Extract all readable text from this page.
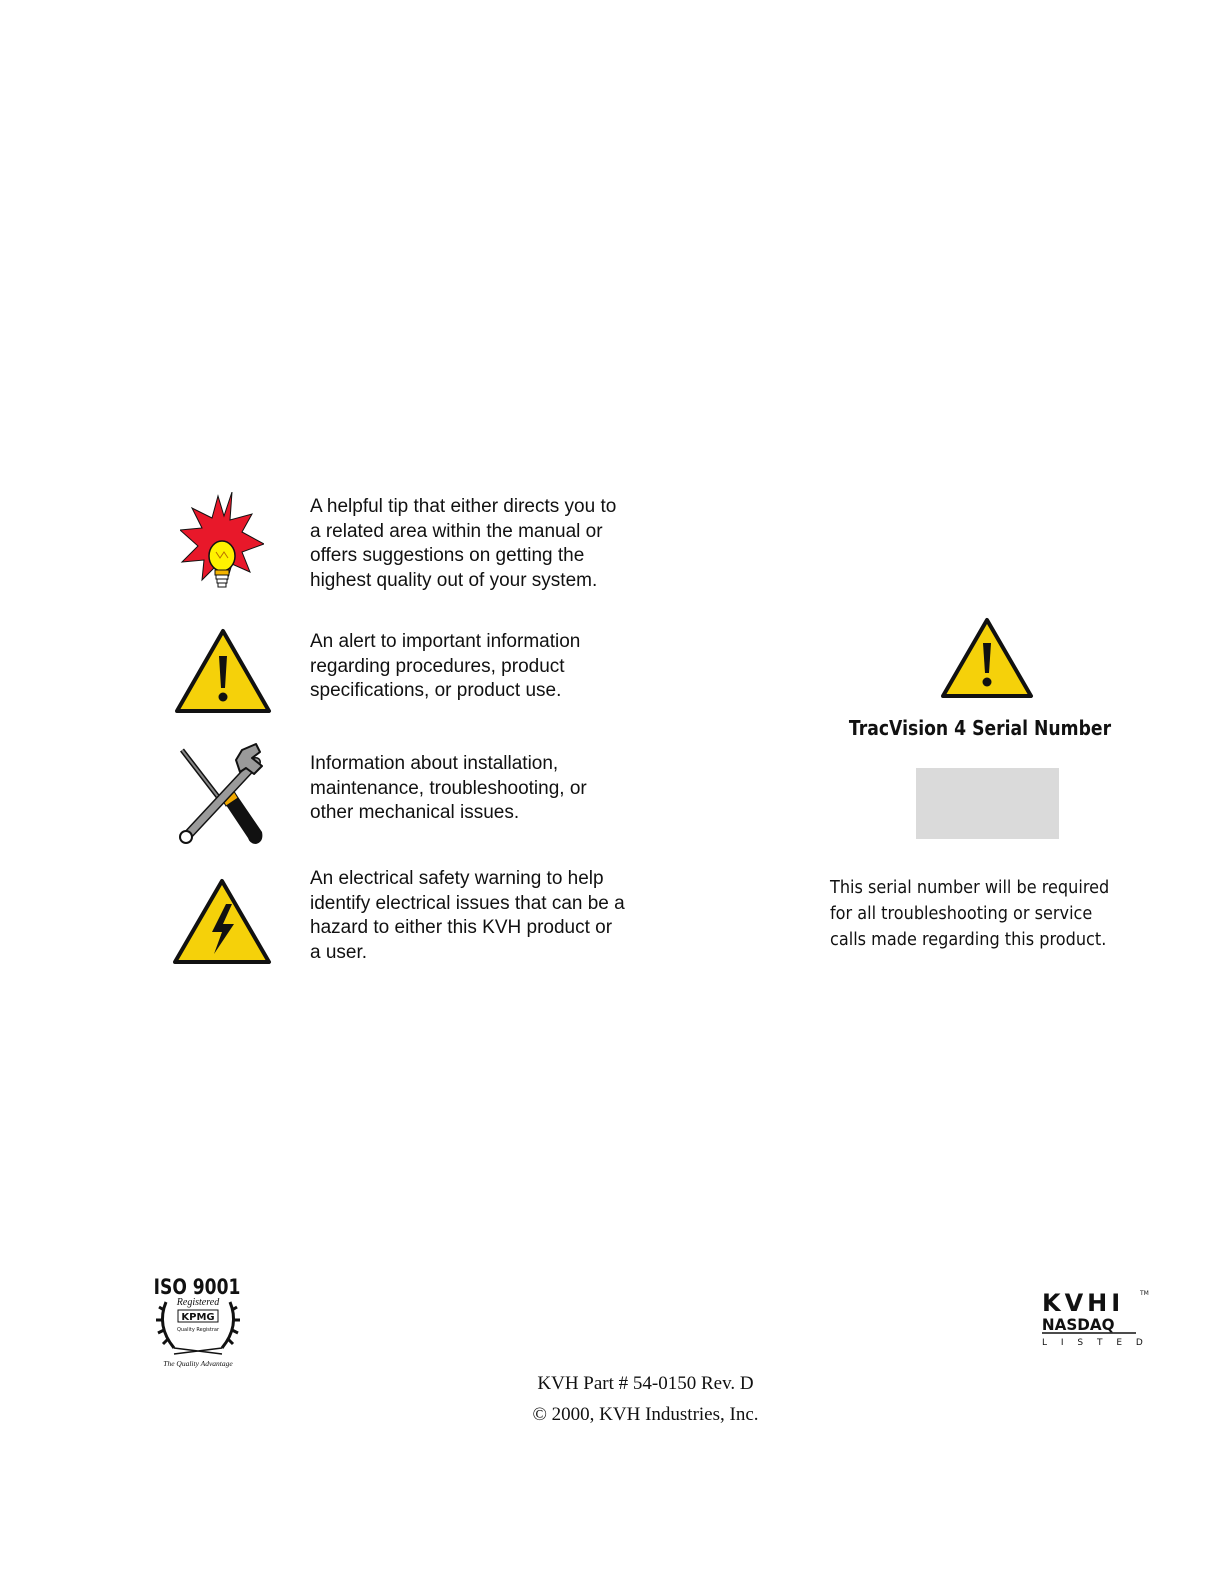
A helpful tip that either directs you to
a related area within the manual or
offers suggestions on getting the
highest quality out of your system.

An alert to important information
regarding procedures, product
specifications, or product use.

Information about installation,
maintenance, troubleshooting, or
other mechanical issues.

An electrical safety warning to help
identify electrical issues that can be a
hazard to either this KVH product or
a user.

TracVision 4 Serial Number
This serial number will be required
for all troubleshooting or service
calls made regarding this product.
ISO 9001
Registered
KPMG
Quality Registrar
The Quality Advantage
KVHI	TM
NASDAQ
L I S T E D
KVH Part # 54-0150 Rev. D
© 2000, KVH Industries, Inc.
